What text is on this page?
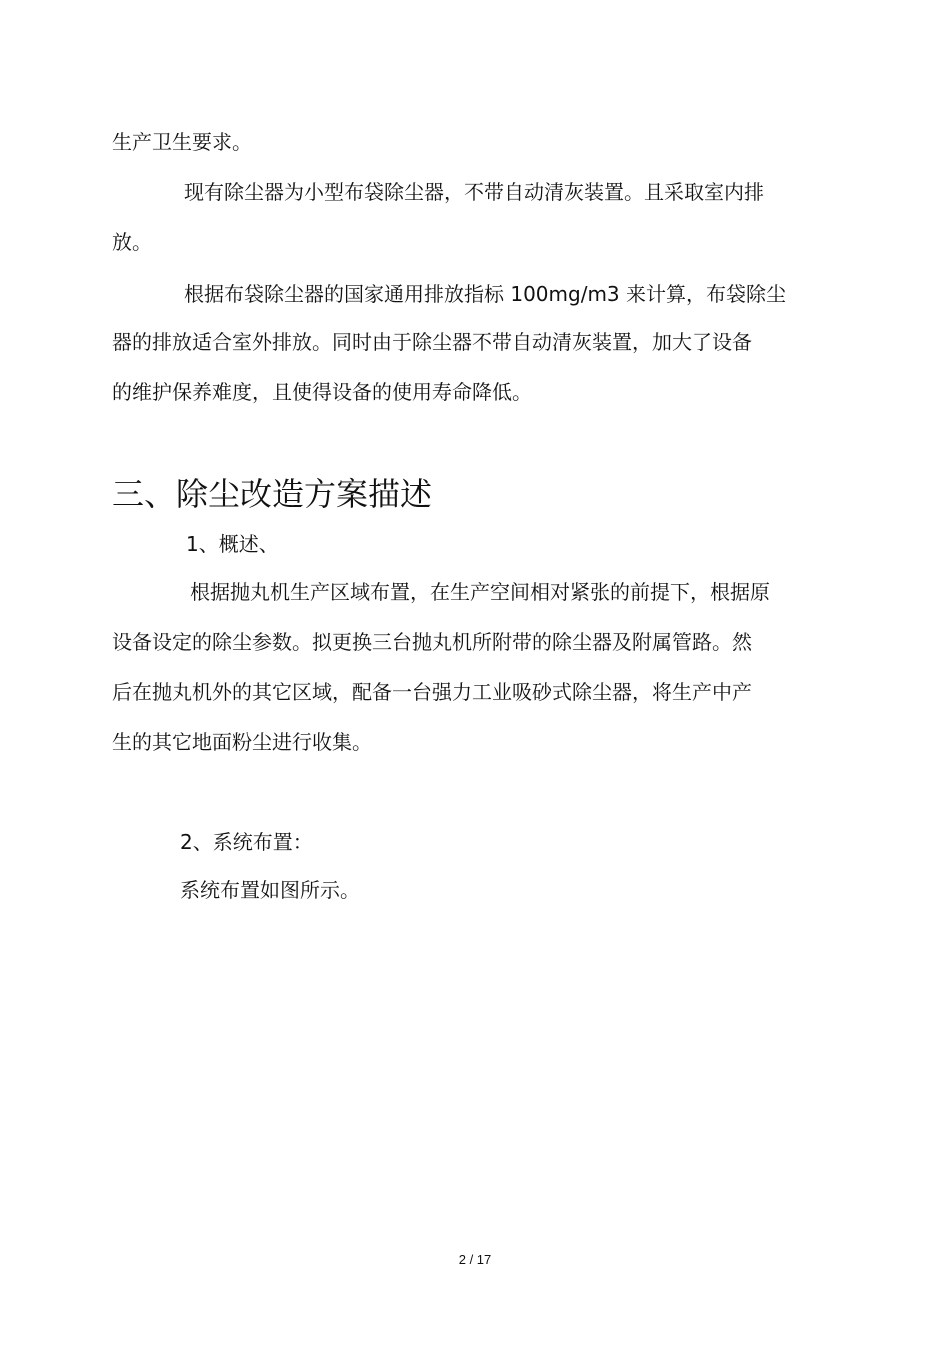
生产卫生要求。
现有除尘器为小型布袋除尘器，不带自动清灰装置。且采取室内排
放。
根据布袋除尘器的国家通用排放指标 100mg/m3 来计算，布袋除尘
器的排放适合室外排放。同时由于除尘器不带自动清灰装置，加大了设备
的维护保养难度，且使得设备的使用寿命降低。
三、除尘改造方案描述
1、概述、
根据抛丸机生产区域布置，在生产空间相对紧张的前提下，根据原
设备设定的除尘参数。拟更换三台抛丸机所附带的除尘器及附属管路。然
后在抛丸机外的其它区域，配备一台强力工业吸砂式除尘器，将生产中产
生的其它地面粉尘进行收集。
2、系统布置：
系统布置如图所示。
2 / 17
